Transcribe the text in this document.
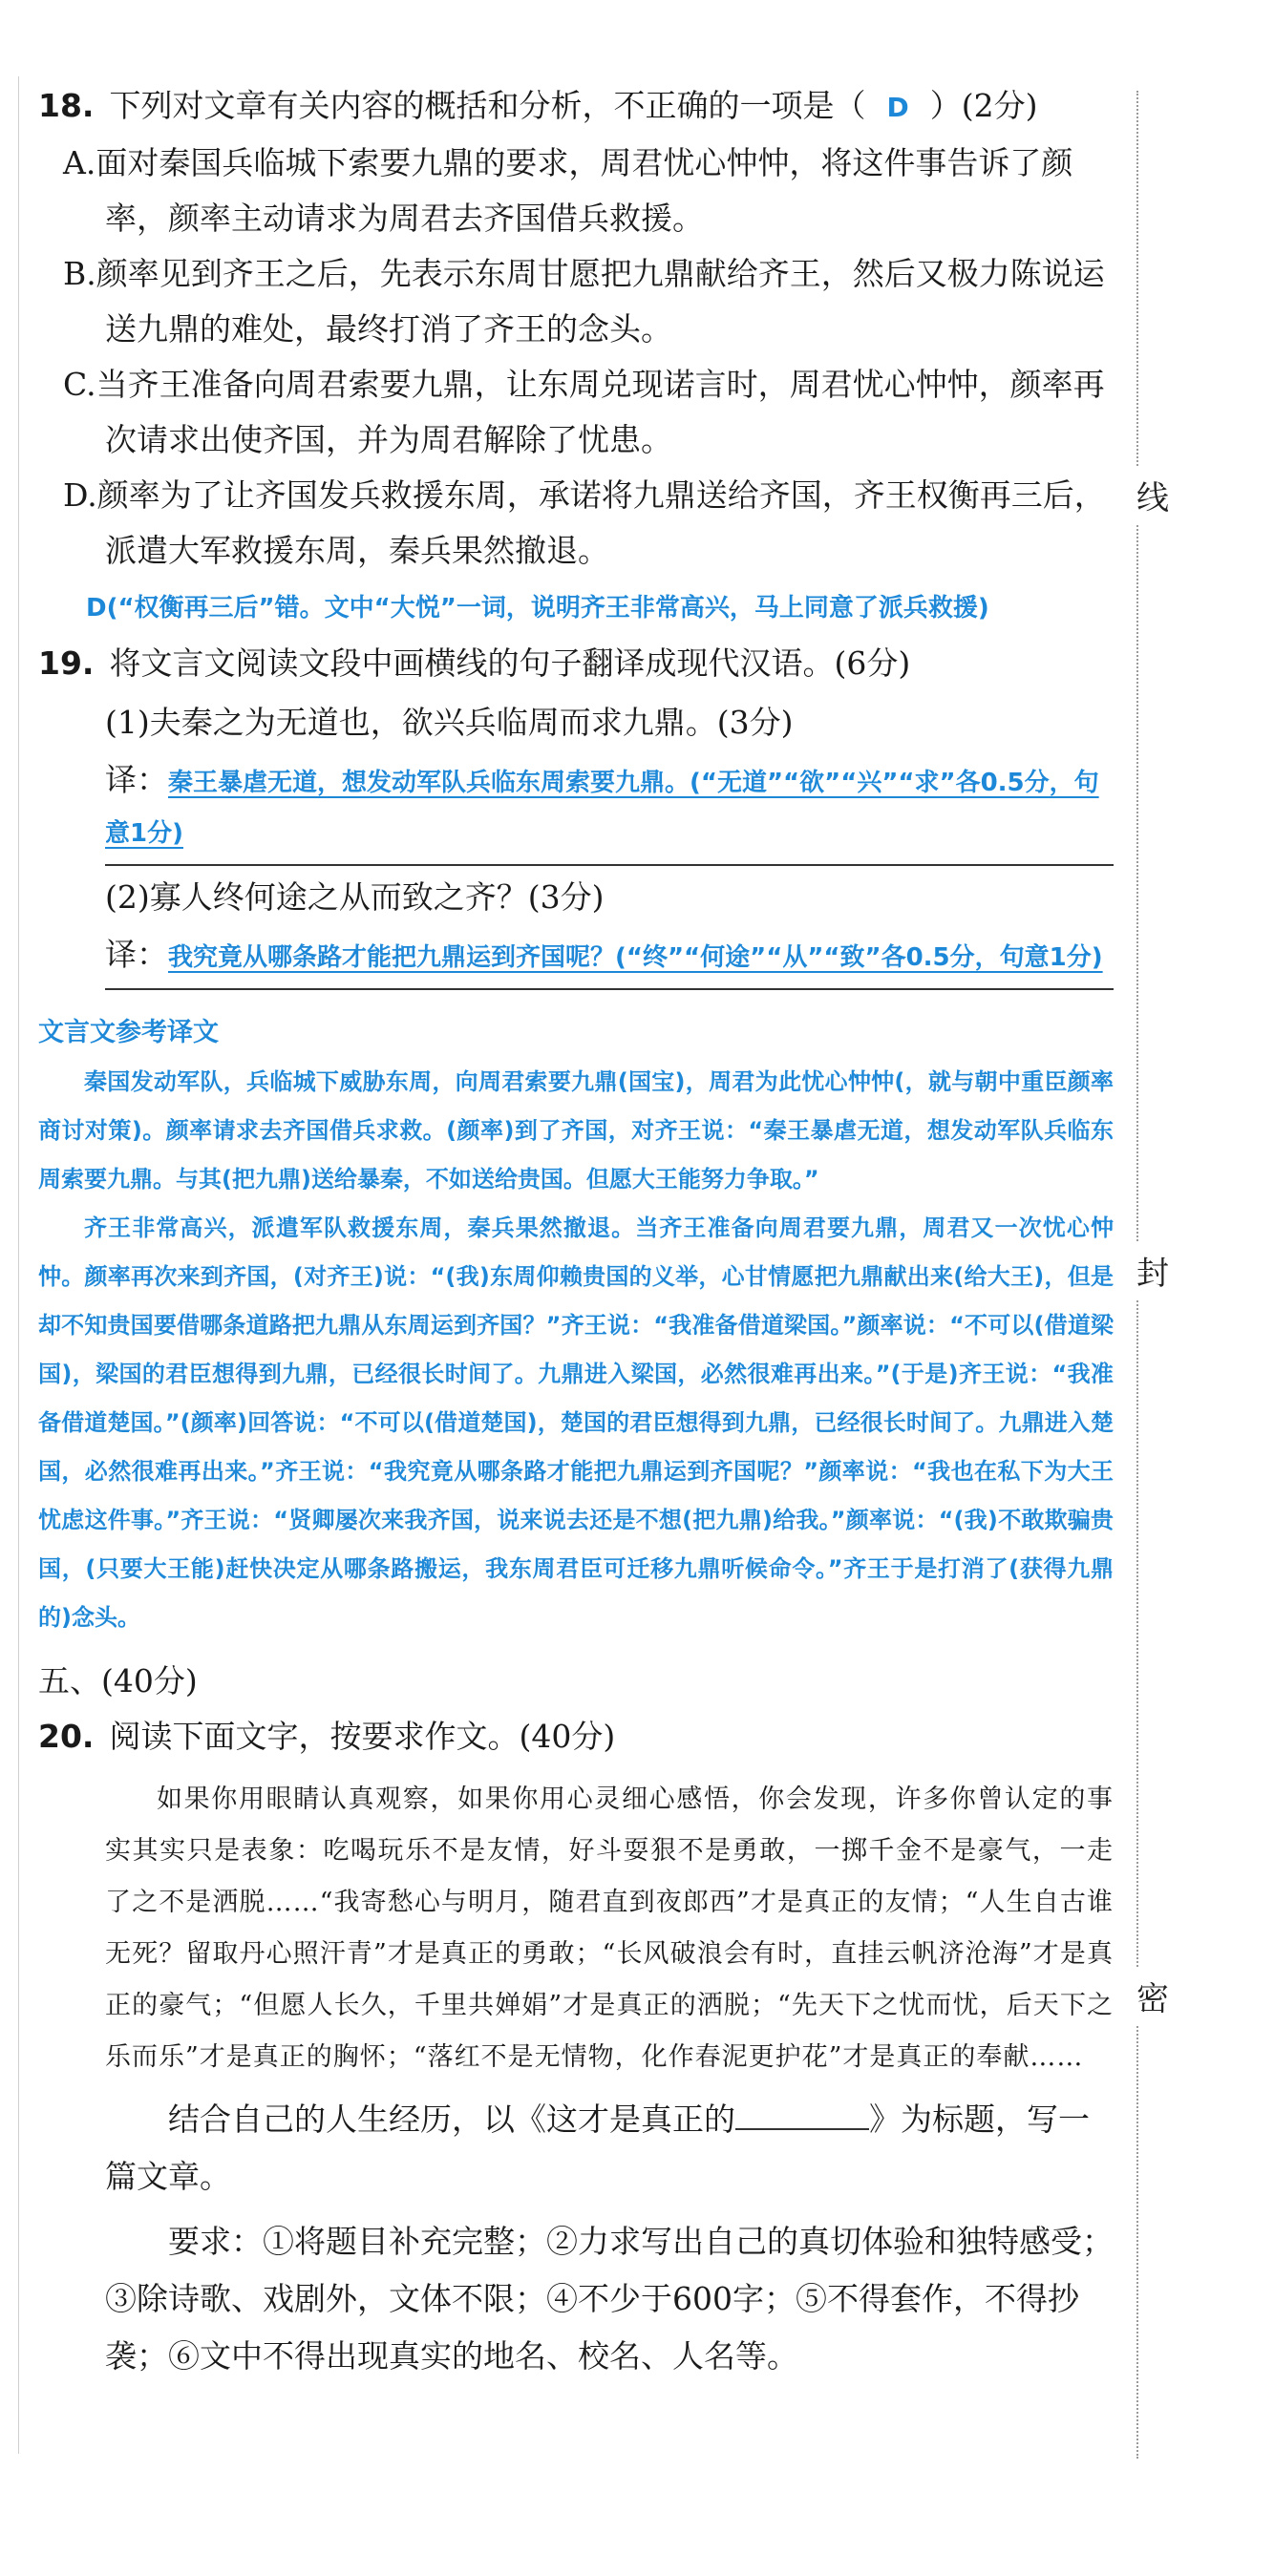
线
封
密

18. 下列对文章有关内容的概括和分析，不正确的一项是（ D ）(2分)

A.面对秦国兵临城下索要九鼎的要求，周君忧心忡忡，将这件事告诉了颜率，颜率主动请求为周君去齐国借兵救援。

B.颜率见到齐王之后，先表示东周甘愿把九鼎献给齐王，然后又极力陈说运送九鼎的难处，最终打消了齐王的念头。

C.当齐王准备向周君索要九鼎，让东周兑现诺言时，周君忧心忡忡，颜率再次请求出使齐国，并为周君解除了忧患。

D.颜率为了让齐国发兵救援东周，承诺将九鼎送给齐国，齐王权衡再三后，派遣大军救援东周，秦兵果然撤退。

D(“权衡再三后”错。文中“大悦”一词，说明齐王非常高兴，马上同意了派兵救援)

19. 将文言文阅读文段中画横线的句子翻译成现代汉语。(6分)

(1)夫秦之为无道也，欲兴兵临周而求九鼎。(3分)

译：秦王暴虐无道，想发动军队兵临东周索要九鼎。(“无道”“欲”“兴”“求”各0.5分，句意1分)

(2)寡人终何途之从而致之齐？(3分)

译：我究竟从哪条路才能把九鼎运到齐国呢？(“终”“何途”“从”“致”各0.5分，句意1分)
文言文参考译文

秦国发动军队，兵临城下威胁东周，向周君索要九鼎(国宝)，周君为此忧心忡忡(，就与朝中重臣颜率商讨对策)。颜率请求去齐国借兵求救。(颜率)到了齐国，对齐王说：“秦王暴虐无道，想发动军队兵临东周索要九鼎。与其(把九鼎)送给暴秦，不如送给贵国。但愿大王能努力争取。”

齐王非常高兴，派遣军队救援东周，秦兵果然撤退。当齐王准备向周君要九鼎，周君又一次忧心忡忡。颜率再次来到齐国，(对齐王)说：“(我)东周仰赖贵国的义举，心甘情愿把九鼎献出来(给大王)，但是却不知贵国要借哪条道路把九鼎从东周运到齐国？”齐王说：“我准备借道梁国。”颜率说：“不可以(借道梁国)，梁国的君臣想得到九鼎，已经很长时间了。九鼎进入梁国，必然很难再出来。”(于是)齐王说：“我准备借道楚国。”(颜率)回答说：“不可以(借道楚国)，楚国的君臣想得到九鼎，已经很长时间了。九鼎进入楚国，必然很难再出来。”齐王说：“我究竟从哪条路才能把九鼎运到齐国呢？”颜率说：“我也在私下为大王忧虑这件事。”齐王说：“贤卿屡次来我齐国，说来说去还是不想(把九鼎)给我。”颜率说：“(我)不敢欺骗贵国，(只要大王能)赶快决定从哪条路搬运，我东周君臣可迁移九鼎听候命令。”齐王于是打消了(获得九鼎的)念头。

五、(40分)

20. 阅读下面文字，按要求作文。(40分)

如果你用眼睛认真观察，如果你用心灵细心感悟，你会发现，许多你曾认定的事实其实只是表象：吃喝玩乐不是友情，好斗耍狠不是勇敢，一掷千金不是豪气，一走了之不是洒脱……“我寄愁心与明月，随君直到夜郎西”才是真正的友情；“人生自古谁无死？留取丹心照汗青”才是真正的勇敢；“长风破浪会有时，直挂云帆济沧海”才是真正的豪气；“但愿人长久，千里共婵娟”才是真正的洒脱；“先天下之忧而忧，后天下之乐而乐”才是真正的胸怀；“落红不是无情物，化作春泥更护花”才是真正的奉献……

结合自己的人生经历，以《这才是真正的	》为标题，写一篇文章。

要求：①将题目补充完整；②力求写出自己的真切体验和独特感受；③除诗歌、戏剧外，文体不限；④不少于600字；⑤不得套作，不得抄袭；⑥文中不得出现真实的地名、校名、人名等。
